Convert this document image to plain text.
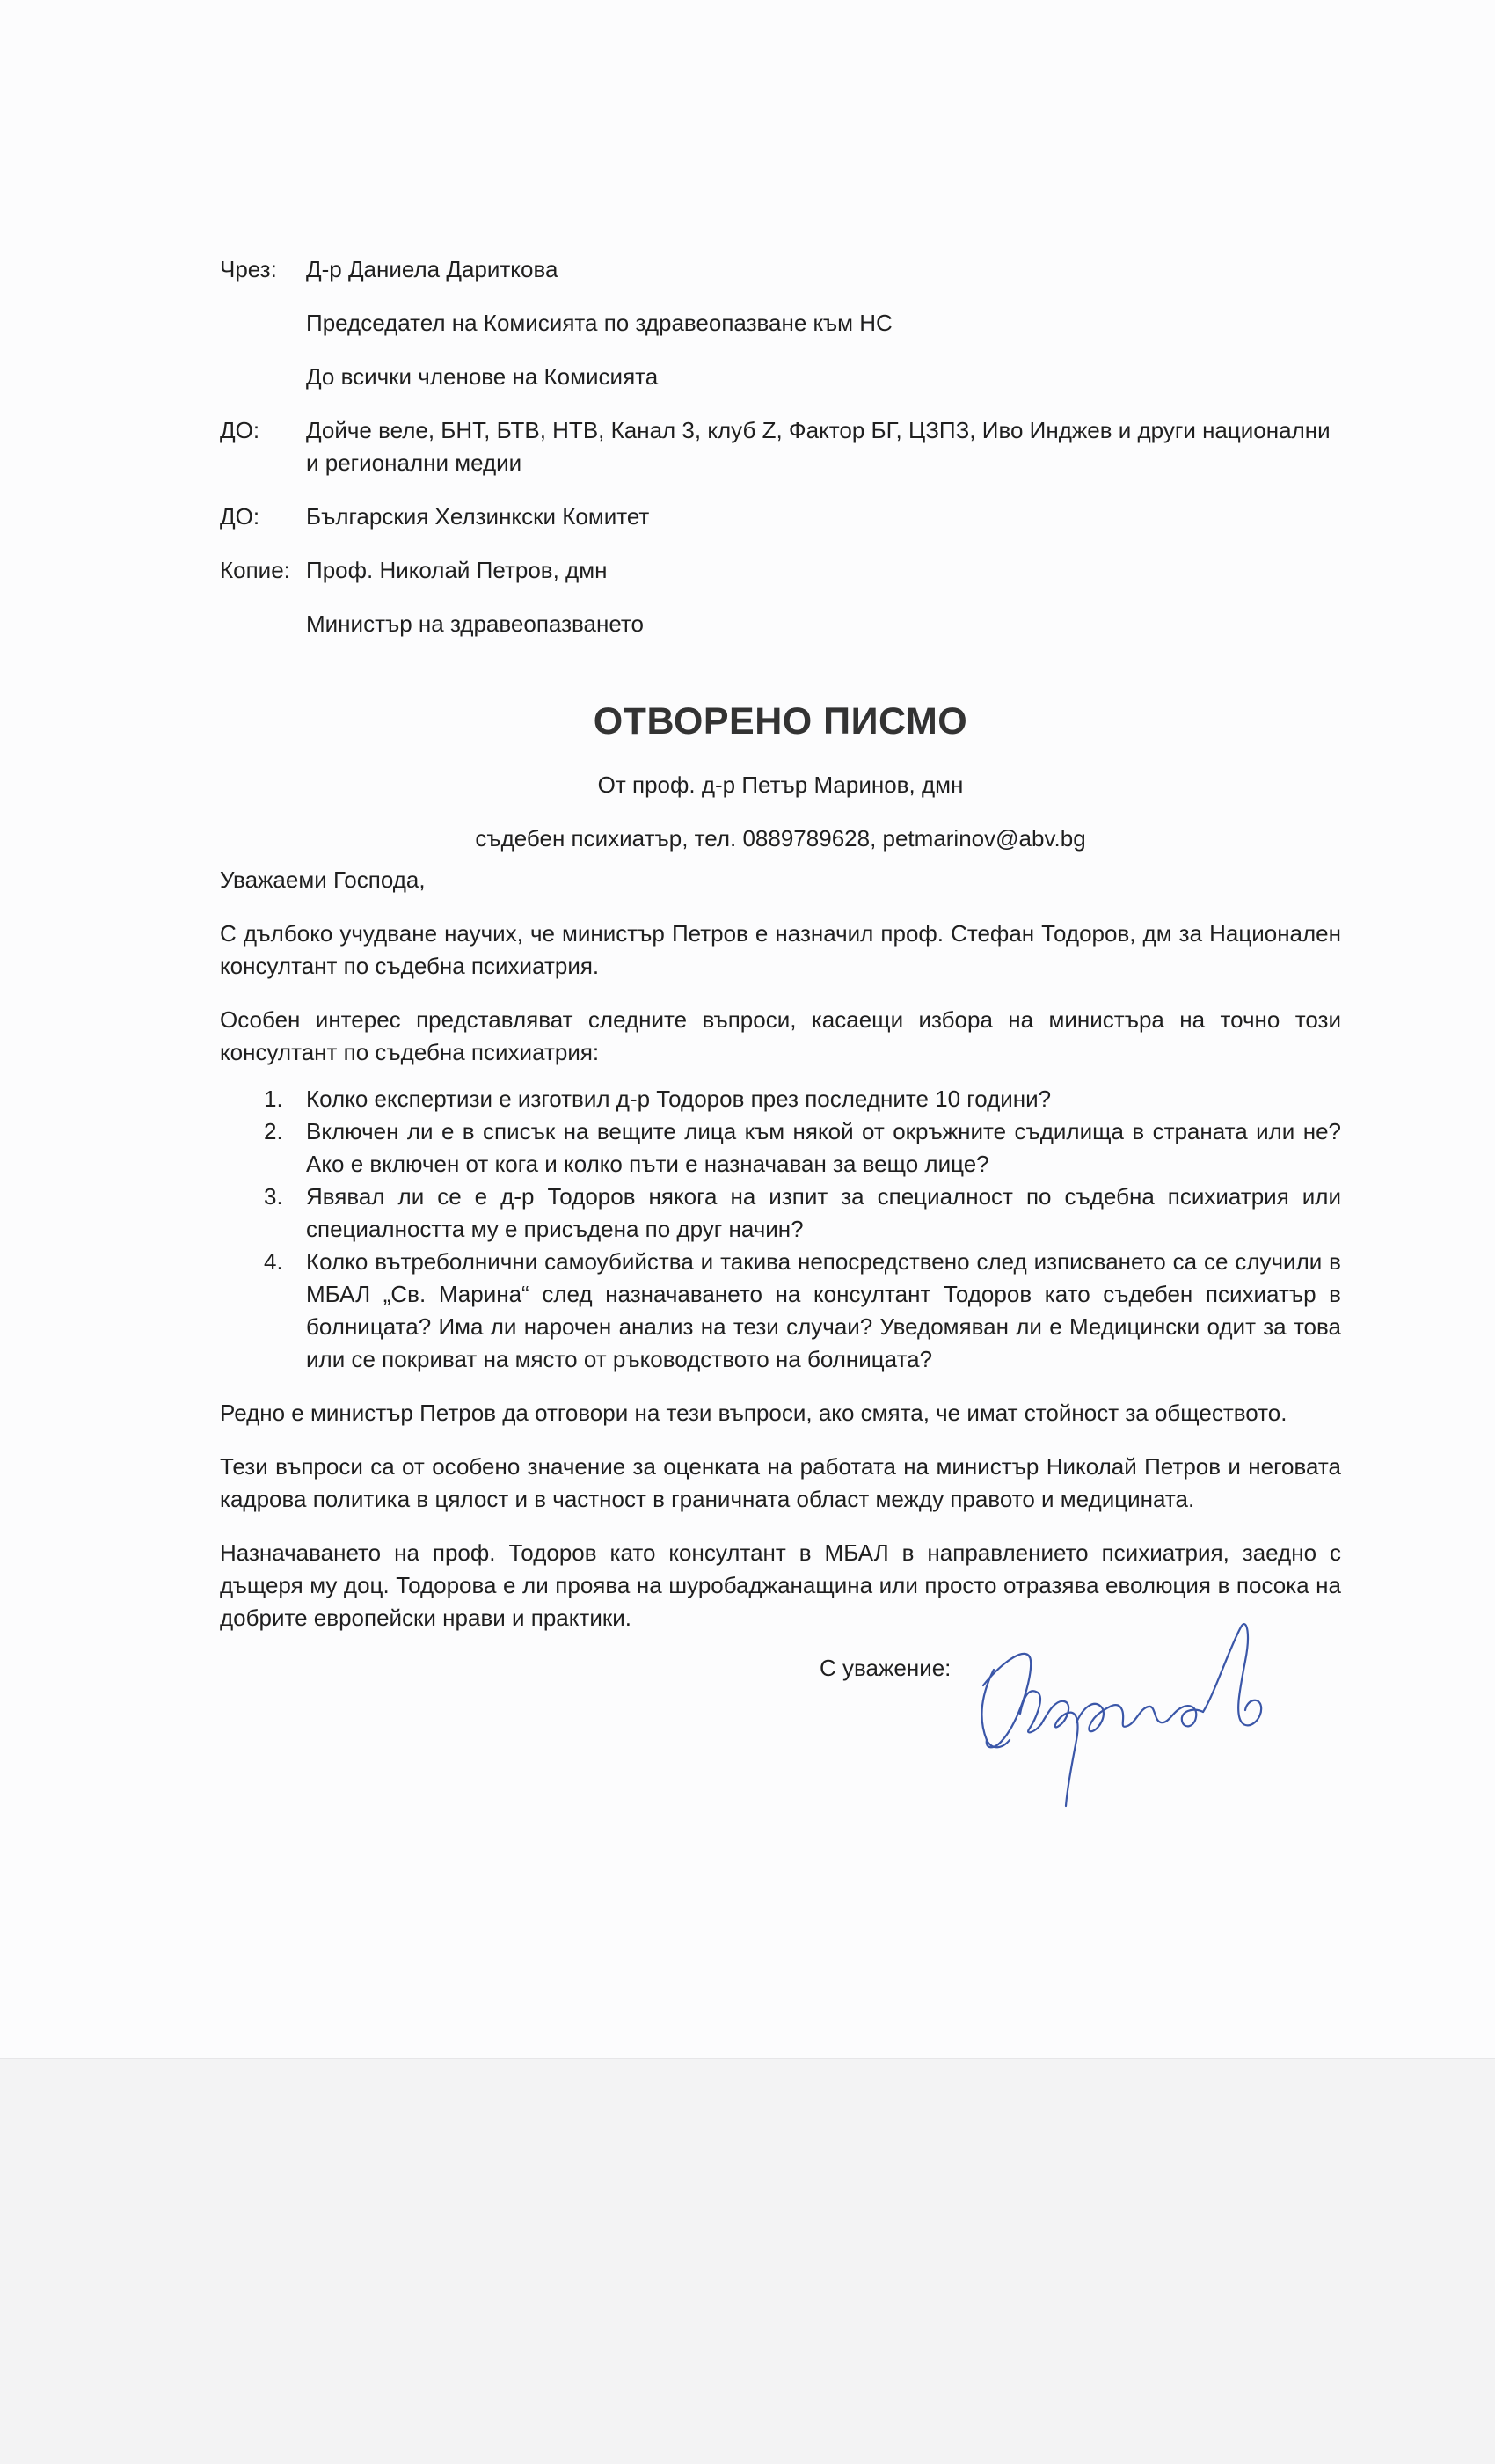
Чрез:	Д-р Даниела Дариткова
Председател на Комисията по здравеопазване към НС
До всички членове на Комисията
ДО:	Дойче веле, БНТ, БТВ, НТВ, Канал 3, клуб Z, Фактор БГ, ЦЗПЗ, Иво Инджев и други национални и регионални медии
ДО:	Българския Хелзинкски Комитет
Копие: Проф. Николай Петров, дмн
Министър на здравеопазването
ОТВОРЕНО ПИСМО
От проф. д-р Петър Маринов, дмн
съдебен психиатър, тел. 0889789628, petmarinov@abv.bg

Уважаеми Господа,

С дълбоко учудване научих, че министър Петров е назначил проф. Стефан Тодоров, дм за Национален консултант по съдебна психиатрия.

Особен интерес представляват следните въпроси, касаещи избора на министъра на точно този консултант по съдебна психиатрия:

1.	Колко експертизи е изготвил д-р Тодоров през последните 10 години?
2.	Включен ли е в списък на вещите лица към някой от окръжните съдилища в страната или не? Ако е включен от кога и колко пъти е назначаван за вещо лице?
3.	Явявал ли се е д-р Тодоров някога на изпит за специалност по съдебна психиатрия или специалността му е присъдена по друг начин?
4.	Колко вътреболнични самоубийства и такива непосредствено след изписването са се случили в МБАЛ „Св. Марина“ след назначаването на консултант Тодоров като съдебен психиатър в болницата? Има ли нарочен анализ на тези случаи? Уведомяван ли е Медицински одит за това или се покриват на място от ръководството на болницата?

Редно е министър Петров да отговори на тези въпроси, ако смята, че имат стойност за обществото.

Тези въпроси са от особено значение за оценката на работата на министър Николай Петров и неговата кадрова политика в цялост и в частност в граничната област между правото и медицината.

Назначаването на проф. Тодоров като консултант в МБАЛ в направлението психиатрия, заедно с дъщеря му доц. Тодорова е ли проява на шуробаджанащина или просто отразява еволюция в посока на добрите европейски нрави и практики.

С уважение:
